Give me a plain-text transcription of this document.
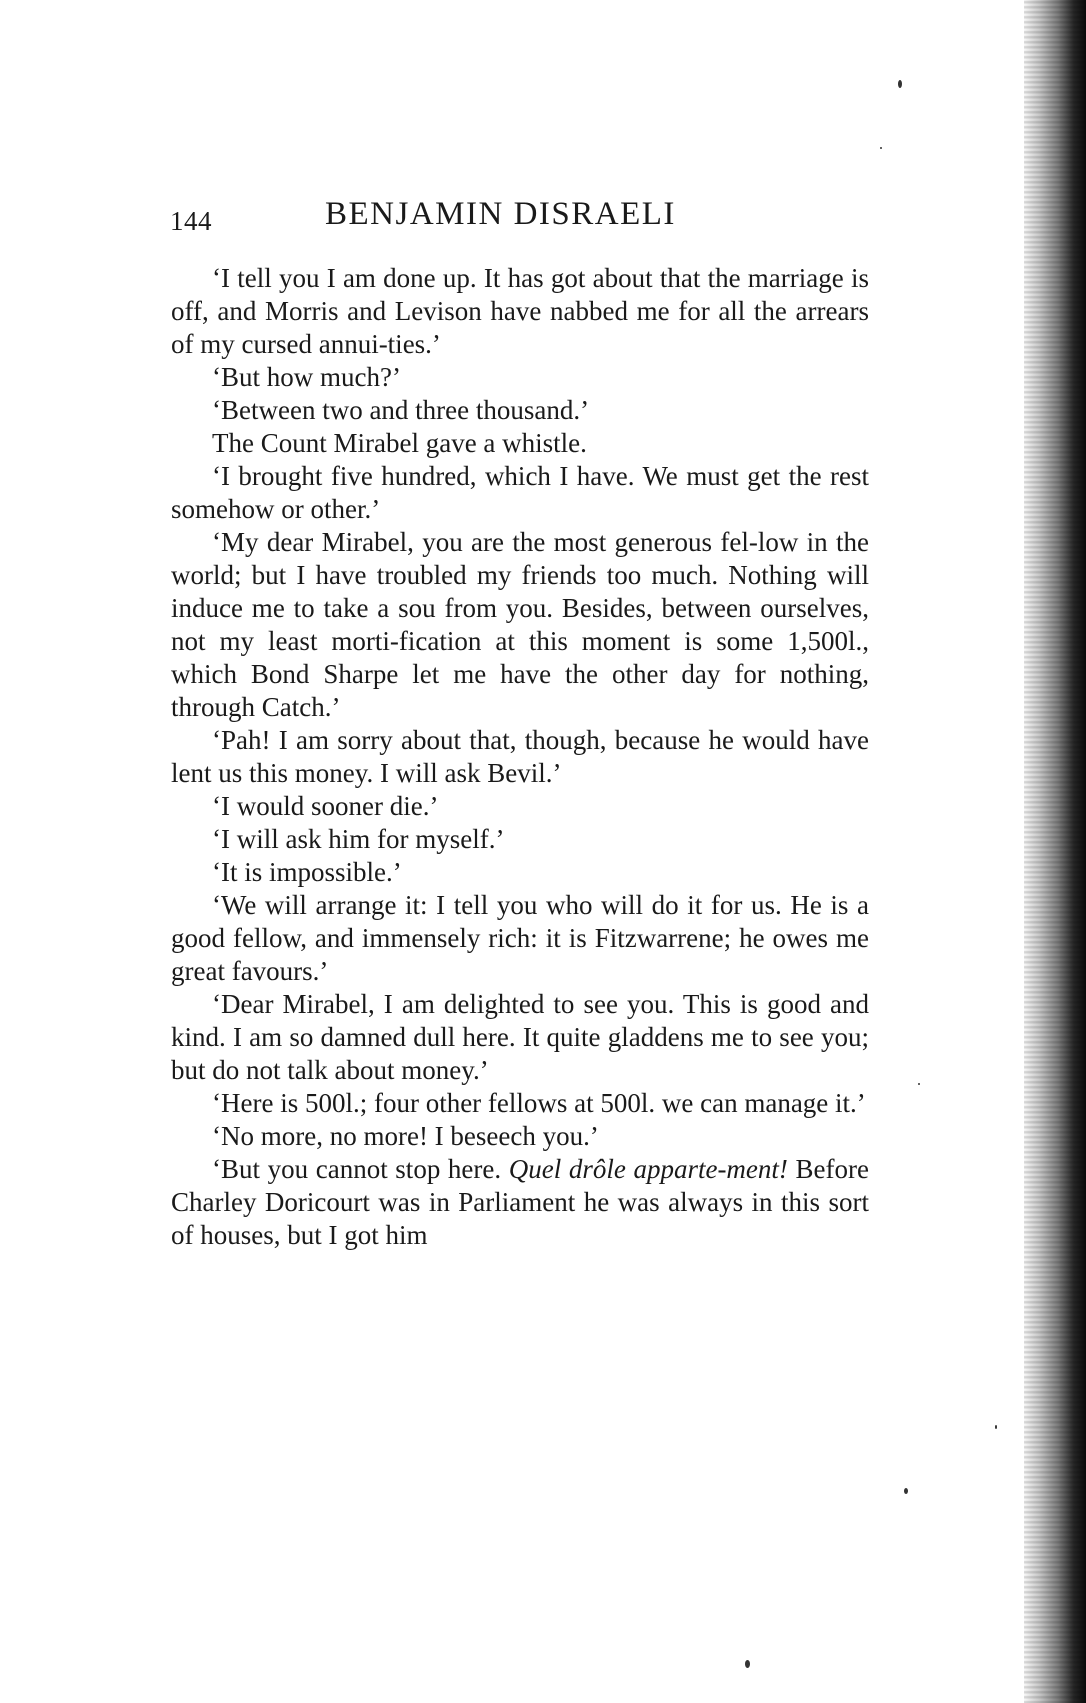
144	BENJAMIN DISRAELI

‘I tell you I am done up. It has got about that the marriage is off, and Morris and Levison have nabbed me for all the arrears of my cursed annui-ties.’

‘But how much?’

‘Between two and three thousand.’

The Count Mirabel gave a whistle.

‘I brought five hundred, which I have. We must get the rest somehow or other.’

‘My dear Mirabel, you are the most generous fel-low in the world; but I have troubled my friends too much. Nothing will induce me to take a sou from you. Besides, between ourselves, not my least morti-fication at this moment is some 1,500l., which Bond Sharpe let me have the other day for nothing, through Catch.’

‘Pah! I am sorry about that, though, because he would have lent us this money. I will ask Bevil.’

‘I would sooner die.’

‘I will ask him for myself.’

‘It is impossible.’

‘We will arrange it: I tell you who will do it for us. He is a good fellow, and immensely rich: it is Fitzwarrene; he owes me great favours.’

‘Dear Mirabel, I am delighted to see you. This is good and kind. I am so damned dull here. It quite gladdens me to see you; but do not talk about money.’

‘Here is 500l.; four other fellows at 500l. we can manage it.’

‘No more, no more! I beseech you.’

‘But you cannot stop here. Quel drôle apparte-ment! Before Charley Doricourt was in Parliament he was always in this sort of houses, but I got him
